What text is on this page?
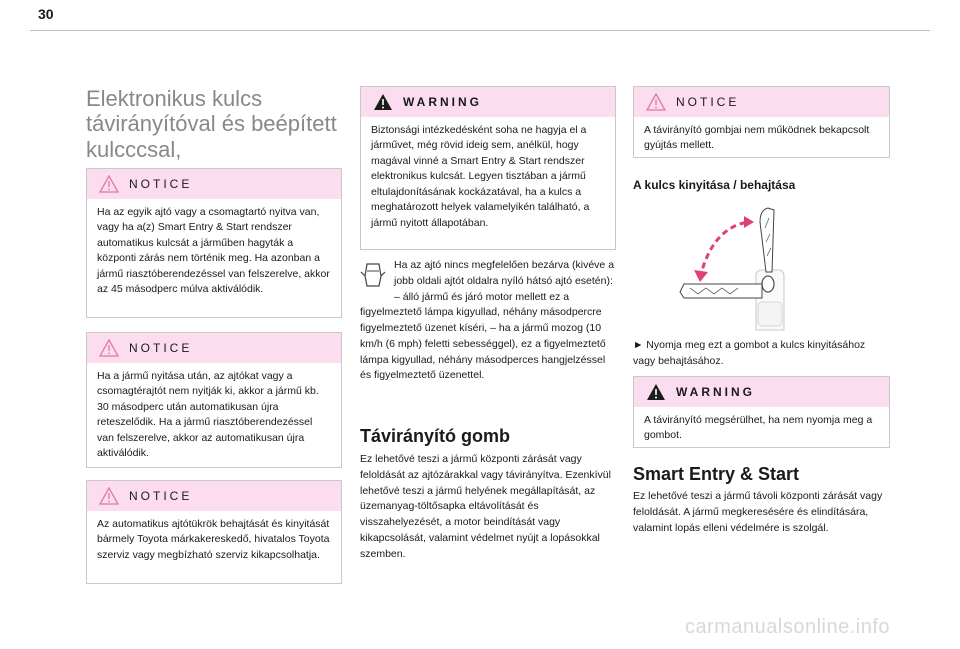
30
Elektronikus kulcs távirányítóval és beépített kulcccsal,
NOTICE
Ha az egyik ajtó vagy a csomagtartó nyitva van, vagy ha a(z) Smart Entry & Start rendszer automatikus kulcsát a járműben hagyták a központi zárás nem történik meg. Ha azonban a jármű riasztóberendezéssel van felszerelve, akkor az 45 másodperc múlva aktiválódik.
NOTICE
Ha a jármű nyitása után, az ajtókat vagy a csomagtérajtót nem nyitják ki, akkor a jármű kb. 30 másodperc után automatikusan újra reteszelődik. Ha a jármű riasztóberendezéssel van felszerelve, akkor az automatikusan újra aktiválódik.
NOTICE
Az automatikus ajtótükrök behajtását és kinyitását bármely Toyota márkakereskedő, hivatalos Toyota szerviz vagy megbízható szerviz kikapcsolhatja.
WARNING
Biztonsági intézkedésként soha ne hagyja el a járművet, még rövid ideig sem, anélkül, hogy magával vinné a Smart Entry & Start rendszer elektronikus kulcsát. Legyen tisztában a jármű eltulajdonításának kockázatával, ha a kulcs a meghatározott helyek valamelyikén található, a jármű nyitott állapotában.
Ha az ajtó nincs megfelelően bezárva (kivéve a jobb oldali ajtót oldalra nyíló hátsó ajtó esetén): – álló jármű és járó motor mellett ez a figyelmeztető lámpa kigyullad, néhány másodpercre figyelmeztető üzenet kíséri, – ha a jármű mozog (10 km/h (6 mph) feletti sebességgel), ez a figyelmeztető lámpa kigyullad, néhány másodperces hangjelzéssel és figyelmeztető üzenettel.
Távirányító gomb
Ez lehetővé teszi a jármű központi zárását vagy feloldását az ajtózárakkal vagy távirányítva. Ezenkívül lehetővé teszi a jármű helyének megállapítását, az üzemanyag-töltősapka eltávolítását és visszahelyezését, a motor beindítását vagy kikapcsolását, valamint védelmet nyújt a lopásokkal szemben.
NOTICE
A távirányító gombjai nem működnek bekapcsolt gyújtás mellett.
A kulcs kinyitása / behajtása
► Nyomja meg ezt a gombot a kulcs kinyitásához vagy behajtásához.
WARNING
A távirányító megsérülhet, ha nem nyomja meg a gombot.
Smart Entry & Start
Ez lehetővé teszi a jármű távoli központi zárását vagy feloldását. A jármű megkeresésére és elindítására, valamint lopás elleni védelmére is szolgál.
carmanualsonline.info
